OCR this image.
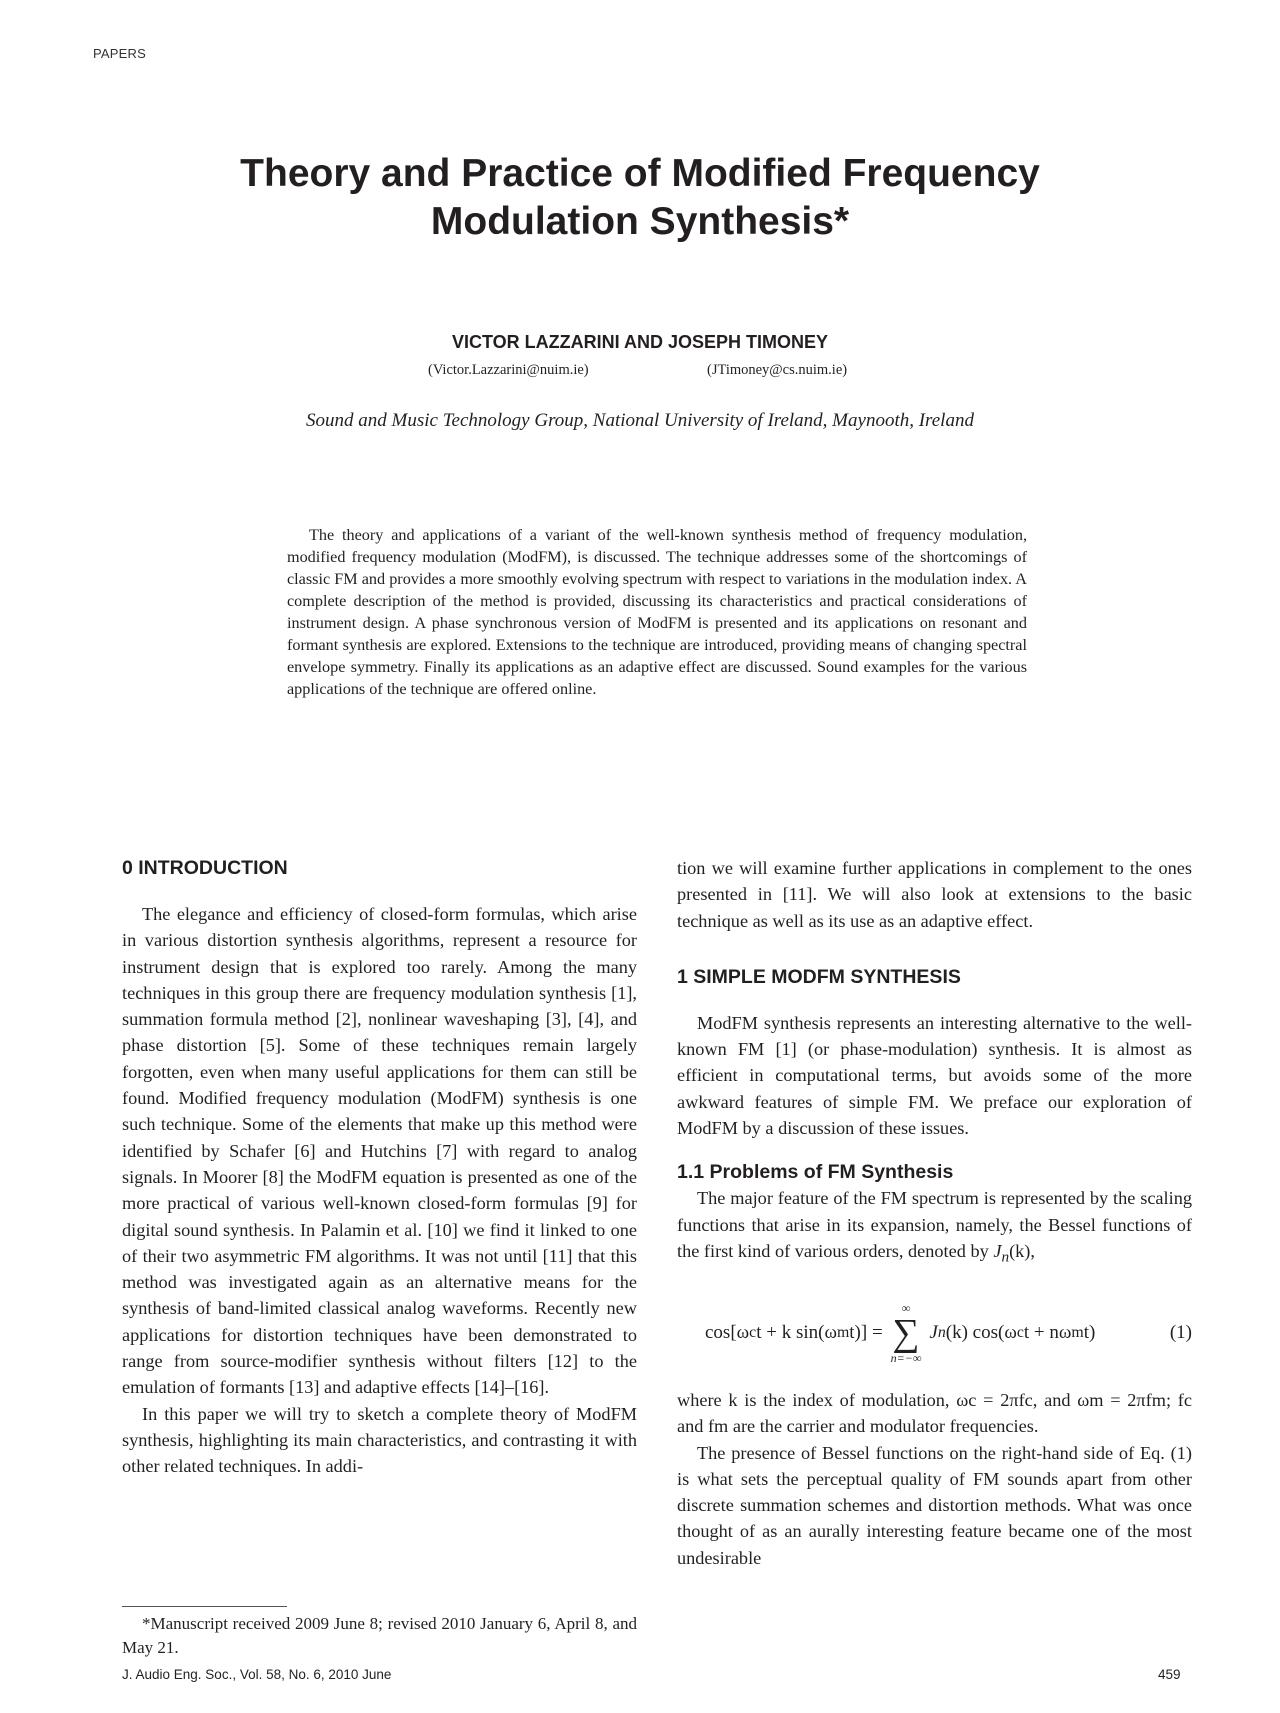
PAPERS
Theory and Practice of Modified Frequency
Modulation Synthesis*
VICTOR LAZZARINI AND JOSEPH TIMONEY
(Victor.Lazzarini@nuim.ie)	(JTimoney@cs.nuim.ie)
Sound and Music Technology Group, National University of Ireland, Maynooth, Ireland

The theory and applications of a variant of the well-known synthesis method of frequency modulation, modified frequency modulation (ModFM), is discussed. The technique addresses some of the shortcomings of classic FM and provides a more smoothly evolving spectrum with respect to variations in the modulation index. A complete description of the method is provided, discussing its characteristics and practical considerations of instrument design. A phase synchronous version of ModFM is presented and its applications on resonant and formant synthesis are explored. Extensions to the technique are introduced, providing means of changing spectral envelope symmetry. Finally its applications as an adaptive effect are discussed. Sound examples for the various applications of the technique are offered online.

0 INTRODUCTION

The elegance and efficiency of closed-form formulas, which arise in various distortion synthesis algorithms, represent a resource for instrument design that is explored too rarely. Among the many techniques in this group there are frequency modulation synthesis [1], summation formula method [2], nonlinear waveshaping [3], [4], and phase distortion [5]. Some of these techniques remain largely forgotten, even when many useful applications for them can still be found. Modified frequency modulation (ModFM) synthesis is one such technique. Some of the elements that make up this method were identified by Schafer [6] and Hutchins [7] with regard to analog signals. In Moorer [8] the ModFM equation is presented as one of the more practical of various well-known closed-form formulas [9] for digital sound synthesis. In Palamin et al. [10] we find it linked to one of their two asymmetric FM algorithms. It was not until [11] that this method was investigated again as an alternative means for the synthesis of band-limited classical analog waveforms. Recently new applications for distortion techniques have been demonstrated to range from source-modifier synthesis without filters [12] to the emulation of formants [13] and adaptive effects [14]–[16].

In this paper we will try to sketch a complete theory of ModFM synthesis, highlighting its main characteristics, and contrasting it with other related techniques. In addi-

tion we will examine further applications in complement to the ones presented in [11]. We will also look at extensions to the basic technique as well as its use as an adaptive effect.

1 SIMPLE MODFM SYNTHESIS

ModFM synthesis represents an interesting alternative to the well-known FM [1] (or phase-modulation) synthesis. It is almost as efficient in computational terms, but avoids some of the more awkward features of simple FM. We preface our exploration of ModFM by a discussion of these issues.

1.1 Problems of FM Synthesis

The major feature of the FM spectrum is represented by the scaling functions that arise in its expansion, namely, the Bessel functions of the first kind of various orders, denoted by $J_n(k)$,

cos[ω c t + k sin(ω m t)] =
∞
∑
n=−∞
J n (k) cos(ω c t + nω m t)	(1)

where k is the index of modulation, ωc = 2πfc, and ωm = 2πfm; fc and fm are the carrier and modulator frequencies.

The presence of Bessel functions on the right-hand side of Eq. (1) is what sets the perceptual quality of FM sounds apart from other discrete summation schemes and distortion methods. What was once thought of as an aurally interesting feature became one of the most undesirable

*Manuscript received 2009 June 8; revised 2010 January 6, April 8, and May 21.

J. Audio Eng. Soc., Vol. 58, No. 6, 2010 June	459
